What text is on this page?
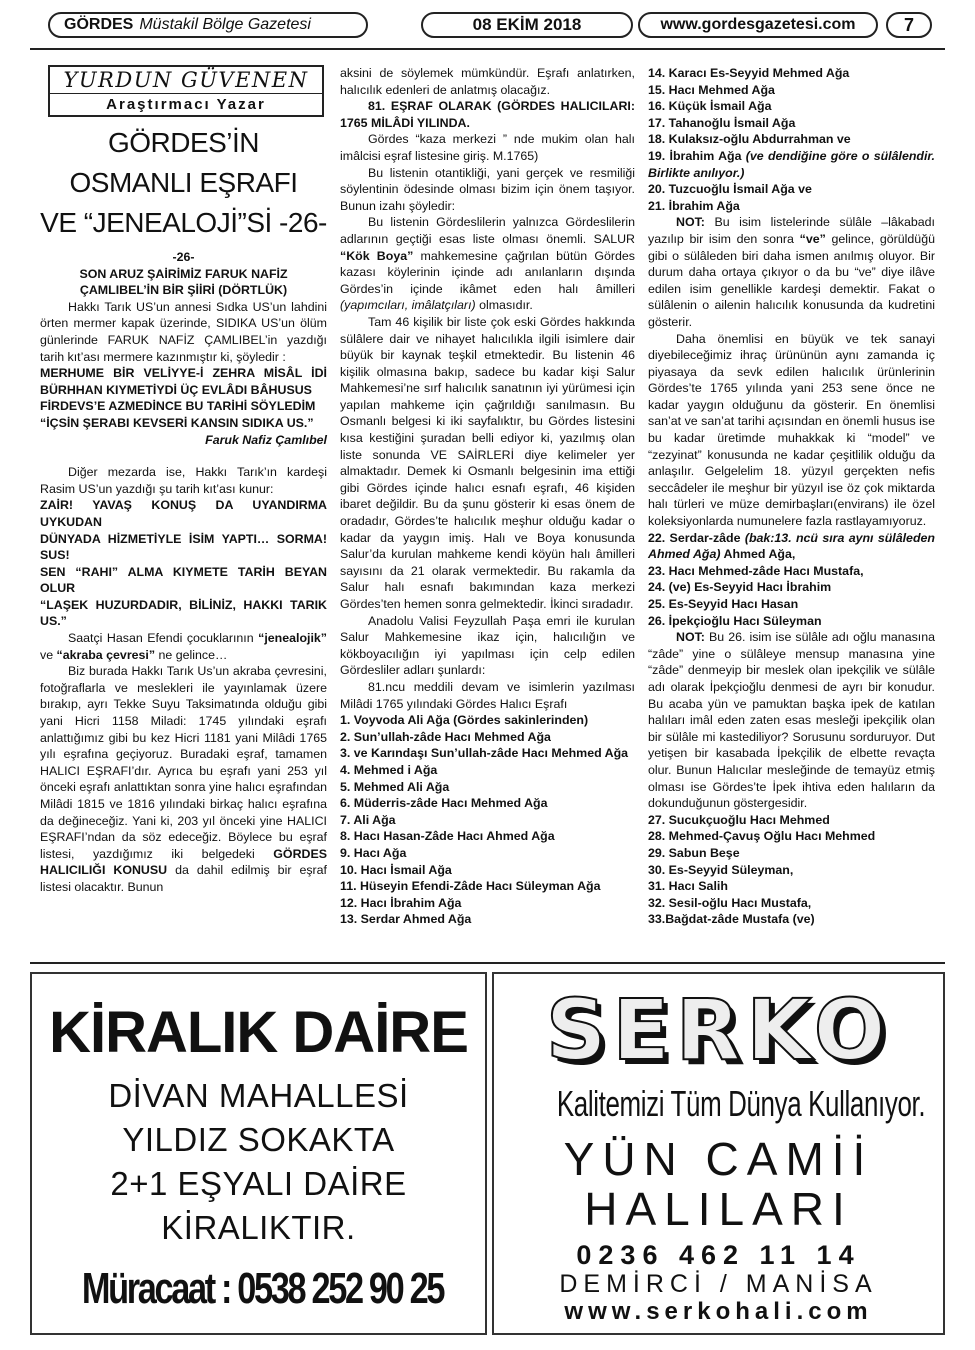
GÖRDES Müstakil Bölge Gazetesi	08 EKİM 2018	www.gordesgazetesi.com	7
YURDUN GÜVENEN
Araştırmacı Yazar
GÖRDES’İN
OSMANLI EŞRAFI
VE “JENEALOJİ”Sİ -26-

-26-

SON ARUZ ŞAİRİMİZ FARUK NAFİZ ÇAMLIBEL’İN BİR ŞİİRİ (DÖRTLÜK)

Hakkı Tarık US’un annesi Sıdka US’un lahdini örten mermer kapak üzerinde, SIDIKA US’un ölüm günlerinde FARUK NAFİZ ÇAMLIBEL’in yazdığı tarih kıt’ası mermere kazınmıştır ki, şöyledir :

MERHUME BİR VELİYYE-İ ZEHRA MİSÂL İDİ BÜRHHAN KIYMETİYDİ ÜÇ EVLÂDI BÂHUSUS

FİRDEVS’E AZMEDİNCE BU TARİHİ SÖYLEDİM

“İÇSİN ŞERABI KEVSERİ KANSIN SIDIKA US.”

Faruk Nafiz Çamlıbel

Diğer mezarda ise, Hakkı Tarık’ın kardeşi Rasim US’un yazdığı şu tarih kıt’ası kunur:

ZAİR! YAVAŞ KONUŞ DA UYANDIRMA UYKUDAN

DÜNYADA HİZMETİYLE İSİM YAPTI… SORMA! SUS!

SEN “RAHI” ALMA KIYMETE TARİH BEYAN OLUR

“LAŞEK HUZURDADIR, BİLİNİZ, HAKKI TARIK US.”

Saatçi Hasan Efendi çocuklarının “jenealojik” ve “akraba çevresi” ne gelince…

Biz burada Hakkı Tarık Us’un akraba çevresini, fotoğraflarla ve meslekleri ile yayınlamak üzere bırakıp, ayrı Tekke Suyu Taksimatında olduğu gibi yani Hicri 1158 Miladi: 1745 yılındaki eşrafı anlattığımız gibi bu kez Hicri 1181 yani Milâdi 1765 yılı eşrafına geçiyoruz. Buradaki eşraf, tamamen HALICI EŞRAFI’dır. Ayrıca bu eşrafı yani 253 yıl önceki eşrafı anlattıktan sonra yine halıcı eşrafından Milâdi 1815 ve 1816 yılındaki birkaç halıcı eşrafına da değineceğiz. Yani ki, 203 yıl önceki yine HALICI EŞRAFI’ndan da söz edeceğiz. Böylece bu eşraf listesi, yazdığımız iki belgedeki GÖRDES HALICILIĞI KONUSU da dahil edilmiş bir eşraf listesi olacaktır. Bunun

aksini de söylemek mümkündür. Eşrafı anlatırken, halıcılık edenleri de anlatmış olacağız.

81. EŞRAF OLARAK (GÖRDES HALICILARI: 1765 MİLÂDİ YILINDA.

Gördes “kaza merkezi ” nde mukim olan halı imâlcisi eşraf listesine giriş. M.1765)

Bu listenin otantikliği, yani gerçek ve resmiliği söylentinin ödesinde olması bizim için önem taşıyor. Bunun izahı şöyledir:

Bu listenin Gördeslilerin yalnızca Gördeslilerin adlarının geçtiği esas liste olması önemli. SALUR “Kök Boya” mahkemesine çağrılan bütün Gördes kazası köylerinin içinde adı anılanların dışında Gördes’in içinde ikâmet eden halı âmilleri (yapımcıları, imâlatçıları) olmasıdır.

Tam 46 kişilik bir liste çok eski Gördes hakkında sülâlere dair ve nihayet halıcılıkla ilgili isimlere dair büyük bir kaynak teşkil etmektedir. Bu listenin 46 kişilik olmasına bakıp, sadece bu kadar kişi Salur Mahkemesi’ne sırf halıcılık sanatının iyi yürümesi için yapılan mahkeme için çağrıldığı sanılmasın. Bu Osmanlı belgesi ki iki sayfalıktır, bu Gördes listesini kısa kestiğini şuradan belli ediyor ki, yazılmış olan liste sonunda VE SAİRLERİ diye kelimeler yer almaktadır. Demek ki Osmanlı belgesinin ima ettiği gibi Gördes içinde halıcı esnafı eşrafı, 46 kişiden ibaret değildir. Bu da şunu gösterir ki esas önem de oradadır, Gördes’te halıcılık meşhur olduğu kadar o kadar da yaygın imiş. Halı ve Boya konusunda Salur’da kurulan mahkeme kendi köyün halı âmilleri sayısını da 21 olarak vermektedir. Bu rakamla da Salur halı esnafı bakımından kaza merkezi Gördes’ten hemen sonra gelmektedir. İkinci sıradadır.

Anadolu Valisi Feyzullah Paşa emri ile kurulan Salur Mahkemesine ikaz için, halıcılığın ve kökboyacılığın iyi yapılması için celp edilen Gördesliler adları şunlardı:

81.ncu meddili devam ve isimlerin yazılması Milâdi 1765 yılındaki Gördes Halıcı Eşrafı

1. Voyvoda Ali Ağa (Gördes sakinlerinden)

2. Sun’ullah-zâde Hacı Mehmed Ağa

3. ve Karındaşı Sun’ullah-zâde Hacı Mehmed Ağa

4. Mehmed i Ağa

5. Mehmed Ali Ağa

6. Müderris-zâde Hacı Mehmed Ağa

7. Ali Ağa

8. Hacı Hasan-Zâde Hacı Ahmed Ağa

9. Hacı Ağa

10. Hacı İsmail Ağa

11. Hüseyin Efendi-Zâde Hacı Süleyman Ağa

12. Hacı İbrahim Ağa

13. Serdar Ahmed Ağa

14. Karacı Es-Seyyid Mehmed Ağa

15. Hacı Mehmed Ağa

16. Küçük İsmail Ağa

17. Tahanoğlu İsmail Ağa

18. Kulaksız-oğlu Abdurrahman ve

19. İbrahim Ağa (ve dendiğine göre o sülâlendir. Birlikte anılıyor.)

20. Tuzcuoğlu İsmail Ağa ve

21. İbrahim Ağa

NOT: Bu isim listelerinde sülâle –lâkabadı yazılıp bir isim den sonra “ve” gelince, görüldüğü gibi o sülâleden biri daha ismen anılmış oluyor. Bir durum daha ortaya çıkıyor o da bu “ve” diye ilâve edilen isim genellikle kardeşi demektir. Fakat o sülâlenin o ailenin halıcılık konusunda da kudretini gösterir.

Daha önemlisi en büyük ve tek sanayi diyebileceğimiz ihraç ürününün aynı zamanda iç piyasaya da sevk edilen halıcılık ürünlerinin Gördes’te 1765 yılında yani 253 sene önce ne kadar yaygın olduğunu da gösterir. En önemlisi san’at ve san’at tarihi açısından en önemli husus ise bu kadar üretimde muhakkak ki “model” ve “zezyinat” konusunda ne kadar çeşitlilik olduğu da anlaşılır. Gelgelelim 18. yüzyıl gerçekten nefis seccâdeler ile meşhur bir yüzyıl ise öz çok miktarda halı türleri ve müze demirbaşları(envirans) ile özel koleksiyonlarda numunelere fazla rastlayamıyoruz.

22. Serdar-zâde (bak:13. ncü sıra aynı sülâleden Ahmed Ağa) Ahmed Ağa,

23. Hacı Mehmed-zâde Hacı Mustafa,

24. (ve) Es-Seyyid Hacı İbrahim

25. Es-Seyyid Hacı Hasan

26. İpekçioğlu Hacı Süleyman

NOT: Bu 26. isim ise sülâle adı oğlu manasına “zâde” yine o sülâleye mensup manasına yine “zâde” denmeyip bir meslek olan ipekçilik ve sülâle adı olarak İpekçioğlu denmesi de ayrı bir konudur. Bu acaba yün ve pamuktan başka ipek de katılan halıları imâl eden zaten esas mesleği ipekçilik olan bir sülâle mi kastediliyor? Sorusunu sorduruyor. Dut yetişen bir kasabada İpekçilik de elbette revaçta olur. Bunun Halıcılar mesleğinde de temayüz etmiş olması ise Gördes’te İpek ihtiva eden halıların da dokunduğunun göstergesidir.

27. Sucukçuoğlu Hacı Mehmed

28. Mehmed-Çavuş Oğlu Hacı Mehmed

29. Sabun Beşe

30. Es-Seyyid Süleyman,

31. Hacı Salih

32. Sesil-oğlu Hacı Mustafa,

33.Bağdat-zâde Mustafa (ve)

KİRALIK DAİRE
DİVAN MAHALLESİ
YILDIZ SOKAKTA
2+1 EŞYALI DAİRE
KİRALIKTIR.
Müracaat : 0538 252 90 25
SERKO
Kalitemizi Tüm Dünya Kullanıyor.
YÜN CAMİİ
HALILARI
0236 462 11 14
DEMİRCİ / MANİSA
www.serkohali.com
